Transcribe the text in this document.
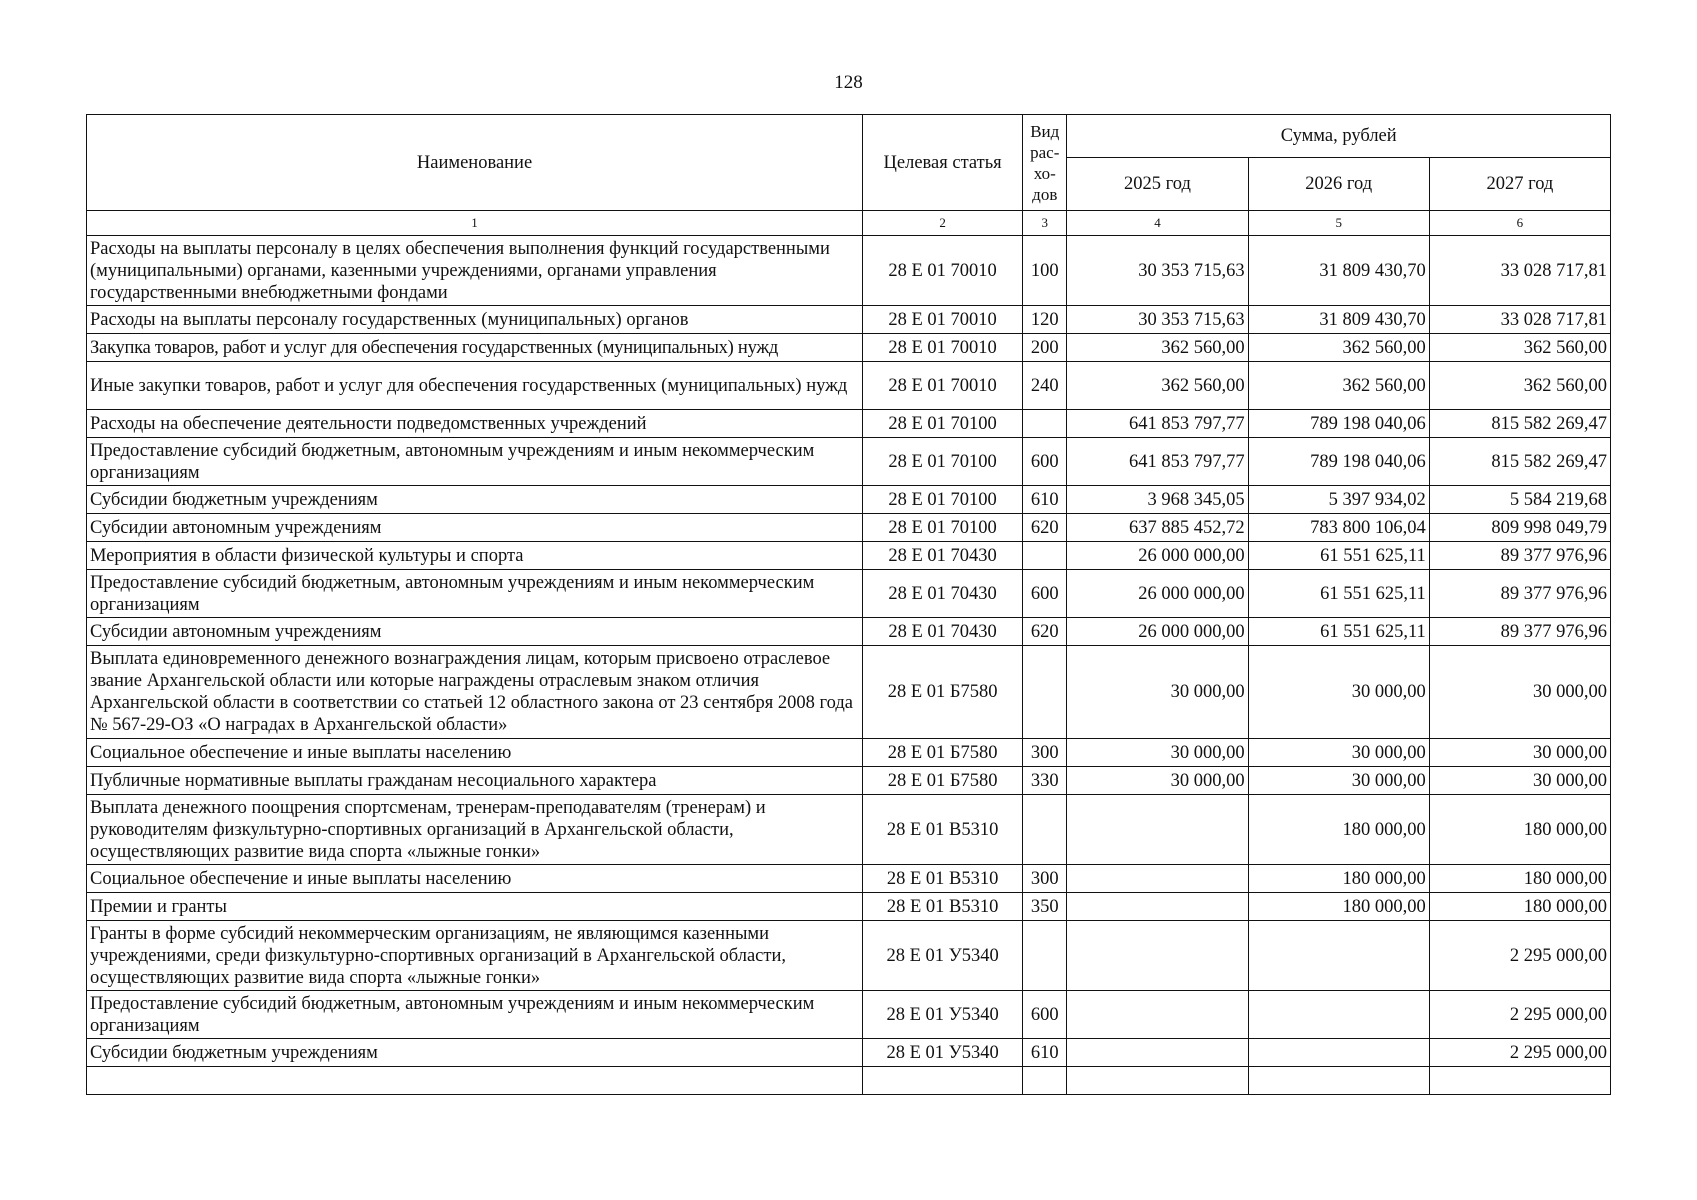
128
Наименование	Целевая статья	Вид рас-хо-дов	Сумма, рублей		
			2025 год	2026 год	2027 год
1	2	3	4	5	6
Расходы на выплаты персоналу в целях обеспечения выполнения функций государственными (муниципальными) органами, казенными учреждениями, органами управления государственными внебюджетными фондами	28 Е 01 70010	100	30 353 715,63	31 809 430,70	33 028 717,81
Расходы на выплаты персоналу государственных (муниципальных) органов	28 Е 01 70010	120	30 353 715,63	31 809 430,70	33 028 717,81
Закупка товаров, работ и услуг для обеспечения государственных (муниципальных) нужд	28 Е 01 70010	200	362 560,00	362 560,00	362 560,00
Иные закупки товаров, работ и услуг для обеспечения государственных (муниципальных) нужд	28 Е 01 70010	240	362 560,00	362 560,00	362 560,00
Расходы на обеспечение деятельности подведомственных учреждений	28 Е 01 70100		641 853 797,77	789 198 040,06	815 582 269,47
Предоставление субсидий бюджетным, автономным учреждениям и иным некоммерческим организациям	28 Е 01 70100	600	641 853 797,77	789 198 040,06	815 582 269,47
Субсидии бюджетным учреждениям	28 Е 01 70100	610	3 968 345,05	5 397 934,02	5 584 219,68
Субсидии автономным учреждениям	28 Е 01 70100	620	637 885 452,72	783 800 106,04	809 998 049,79
Мероприятия в области физической культуры и спорта	28 Е 01 70430		26 000 000,00	61 551 625,11	89 377 976,96
Предоставление субсидий бюджетным, автономным учреждениям и иным некоммерческим организациям	28 Е 01 70430	600	26 000 000,00	61 551 625,11	89 377 976,96
Субсидии автономным учреждениям	28 Е 01 70430	620	26 000 000,00	61 551 625,11	89 377 976,96
Выплата единовременного денежного вознаграждения лицам, которым присвоено отраслевое звание Архангельской области или которые награждены отраслевым знаком отличия Архангельской области в соответствии со статьей 12 областного закона от 23 сентября 2008 года № 567-29-ОЗ «О наградах в Архангельской области»	28 Е 01 Б7580		30 000,00	30 000,00	30 000,00
Социальное обеспечение и иные выплаты населению	28 Е 01 Б7580	300	30 000,00	30 000,00	30 000,00
Публичные нормативные выплаты гражданам несоциального характера	28 Е 01 Б7580	330	30 000,00	30 000,00	30 000,00
Выплата денежного поощрения спортсменам, тренерам-преподавателям (тренерам) и руководителям физкультурно-спортивных организаций в Архангельской области, осуществляющих развитие вида спорта «лыжные гонки»	28 Е 01 В5310			180 000,00	180 000,00
Социальное обеспечение и иные выплаты населению	28 Е 01 В5310	300		180 000,00	180 000,00
Премии и гранты	28 Е 01 В5310	350		180 000,00	180 000,00
Гранты в форме субсидий некоммерческим организациям, не являющимся казенными учреждениями, среди физкультурно-спортивных организаций в Архангельской области, осуществляющих развитие вида спорта «лыжные гонки»	28 Е 01 У5340				2 295 000,00
Предоставление субсидий бюджетным, автономным учреждениям и иным некоммерческим организациям	28 Е 01 У5340	600			2 295 000,00
Субсидии бюджетным учреждениям	28 Е 01 У5340	610			2 295 000,00
